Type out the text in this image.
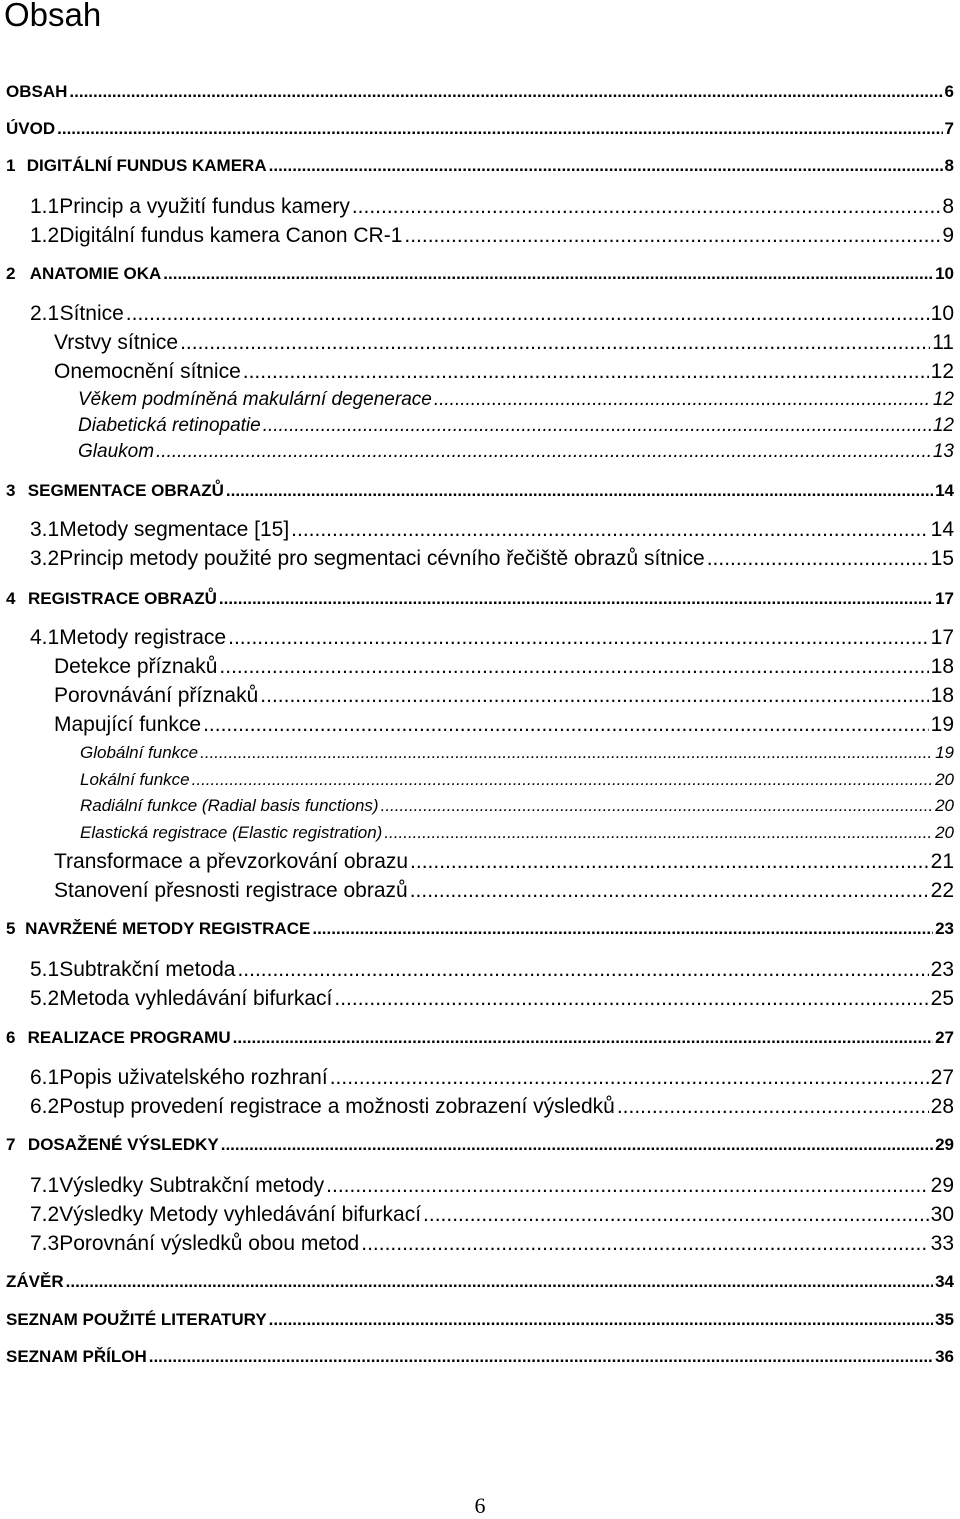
Obsah
OBSAH .....	6
ÚVOD .....	7
1 DIGITÁLNÍ FUNDUS KAMERA .....	8
1.1 Princip a využití fundus kamery .....	8
1.2 Digitální fundus kamera Canon CR-1 .....	9
2 ANATOMIE OKA .....	10
2.1 Sítnice .....	10
Vrstvy sítnice .....	11
Onemocnění sítnice .....	12
Věkem podmíněná makulární degenerace .....	12
Diabetická retinopatie .....	12
Glaukom .....	13
3 SEGMENTACE OBRAZŮ .....	14
3.1 Metody segmentace [15] .....	14
3.2 Princip metody použité pro segmentaci cévního řečiště obrazů sítnice .....	15
4 REGISTRACE OBRAZŮ .....	17
4.1 Metody registrace .....	17
Detekce příznaků .....	18
Porovnávání příznaků .....	18
Mapující funkce .....	19
Globální funkce .....	19
Lokální funkce .....	20
Radiální funkce (Radial basis functions) .....	20
Elastická registrace (Elastic registration) .....	20
Transformace a převzorkování obrazu .....	21
Stanovení přesnosti registrace obrazů .....	22
5 NAVRŽENÉ METODY REGISTRACE .....	23
5.1 Subtrakční metoda .....	23
5.2 Metoda vyhledávání bifurkací .....	25
6 REALIZACE PROGRAMU .....	27
6.1 Popis uživatelského rozhraní .....	27
6.2 Postup provedení registrace a možnosti zobrazení výsledků .....	28
7 DOSAŽENÉ VÝSLEDKY .....	29
7.1 Výsledky Subtrakční metody .....	29
7.2 Výsledky Metody vyhledávání bifurkací .....	30
7.3 Porovnání výsledků obou metod .....	33
ZÁVĚR .....	34
SEZNAM POUŽITÉ LITERATURY .....	35
SEZNAM PŘÍLOH .....	36
6
